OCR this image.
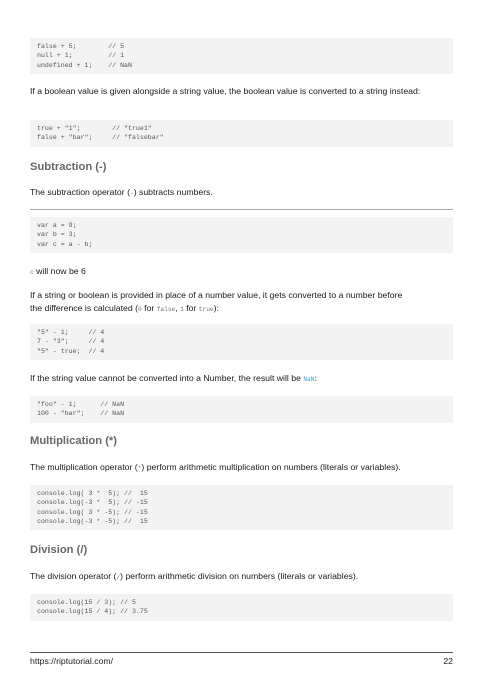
false + 5;        // 5
null + 1;         // 1
undefined + 1;    // NaN
If a boolean value is given alongside a string value, the boolean value is converted to a string instead:
true + "1";        // "true1"
false + "bar";     // "falsebar"
Subtraction (-)
The subtraction operator (-) subtracts numbers.
var a = 9;
var b = 3;
var c = a - b;
c will now be 6
If a string or boolean is provided in place of a number value, it gets converted to a number before
the difference is calculated (0 for false, 1 for true):
"5" - 1;     // 4
7 - "3";     // 4
"5" - true;  // 4
If the string value cannot be converted into a Number, the result will be NaN:
"foo" - 1;      // NaN
100 - "bar";    // NaN
Multiplication (*)
The multiplication operator (*) perform arithmetic multiplication on numbers (literals or variables).
console.log( 3 *  5); //  15
console.log(-3 *  5); // -15
console.log( 3 * -5); // -15
console.log(-3 * -5); //  15
Division (/)
The division operator (/) perform arithmetic division on numbers (literals or variables).
console.log(15 / 3); // 5
console.log(15 / 4); // 3.75
https://riptutorial.com/	22
